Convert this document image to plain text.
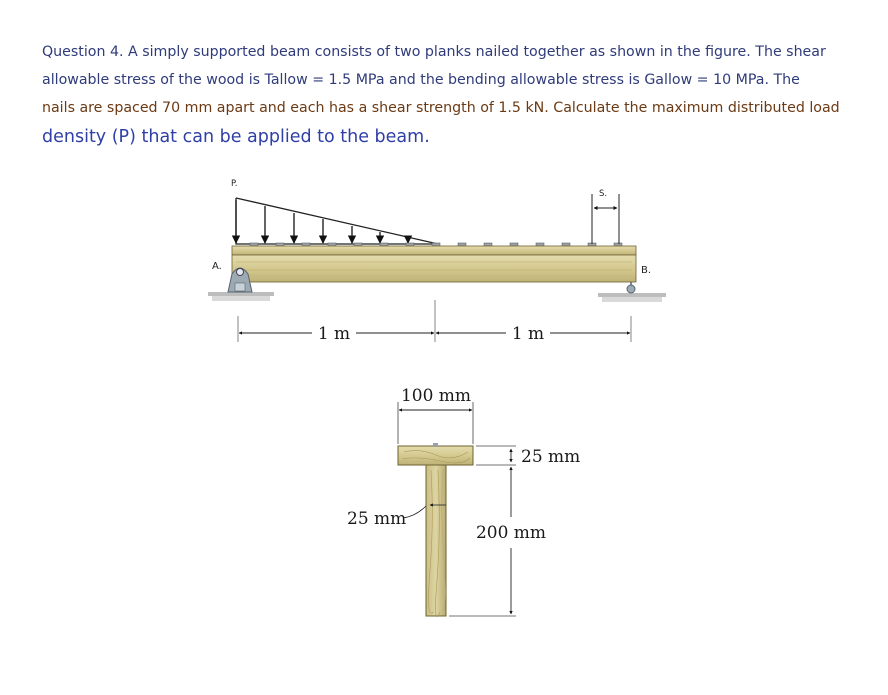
Question 4. A simply supported beam consists of two planks nailed together as shown in the figure. The shear
allowable stress of the wood is Tallow = 1.5 MPa and the bending allowable stress is Gallow = 10 MPa. The
nails are spaced 70 mm apart and each has a shear strength of 1.5 kN. Calculate the maximum distributed load
density (P) that can be applied to the beam.
P.
S.
A.	B.
1 m	1 m
100 mm
25 mm
200 mm
25 mm
